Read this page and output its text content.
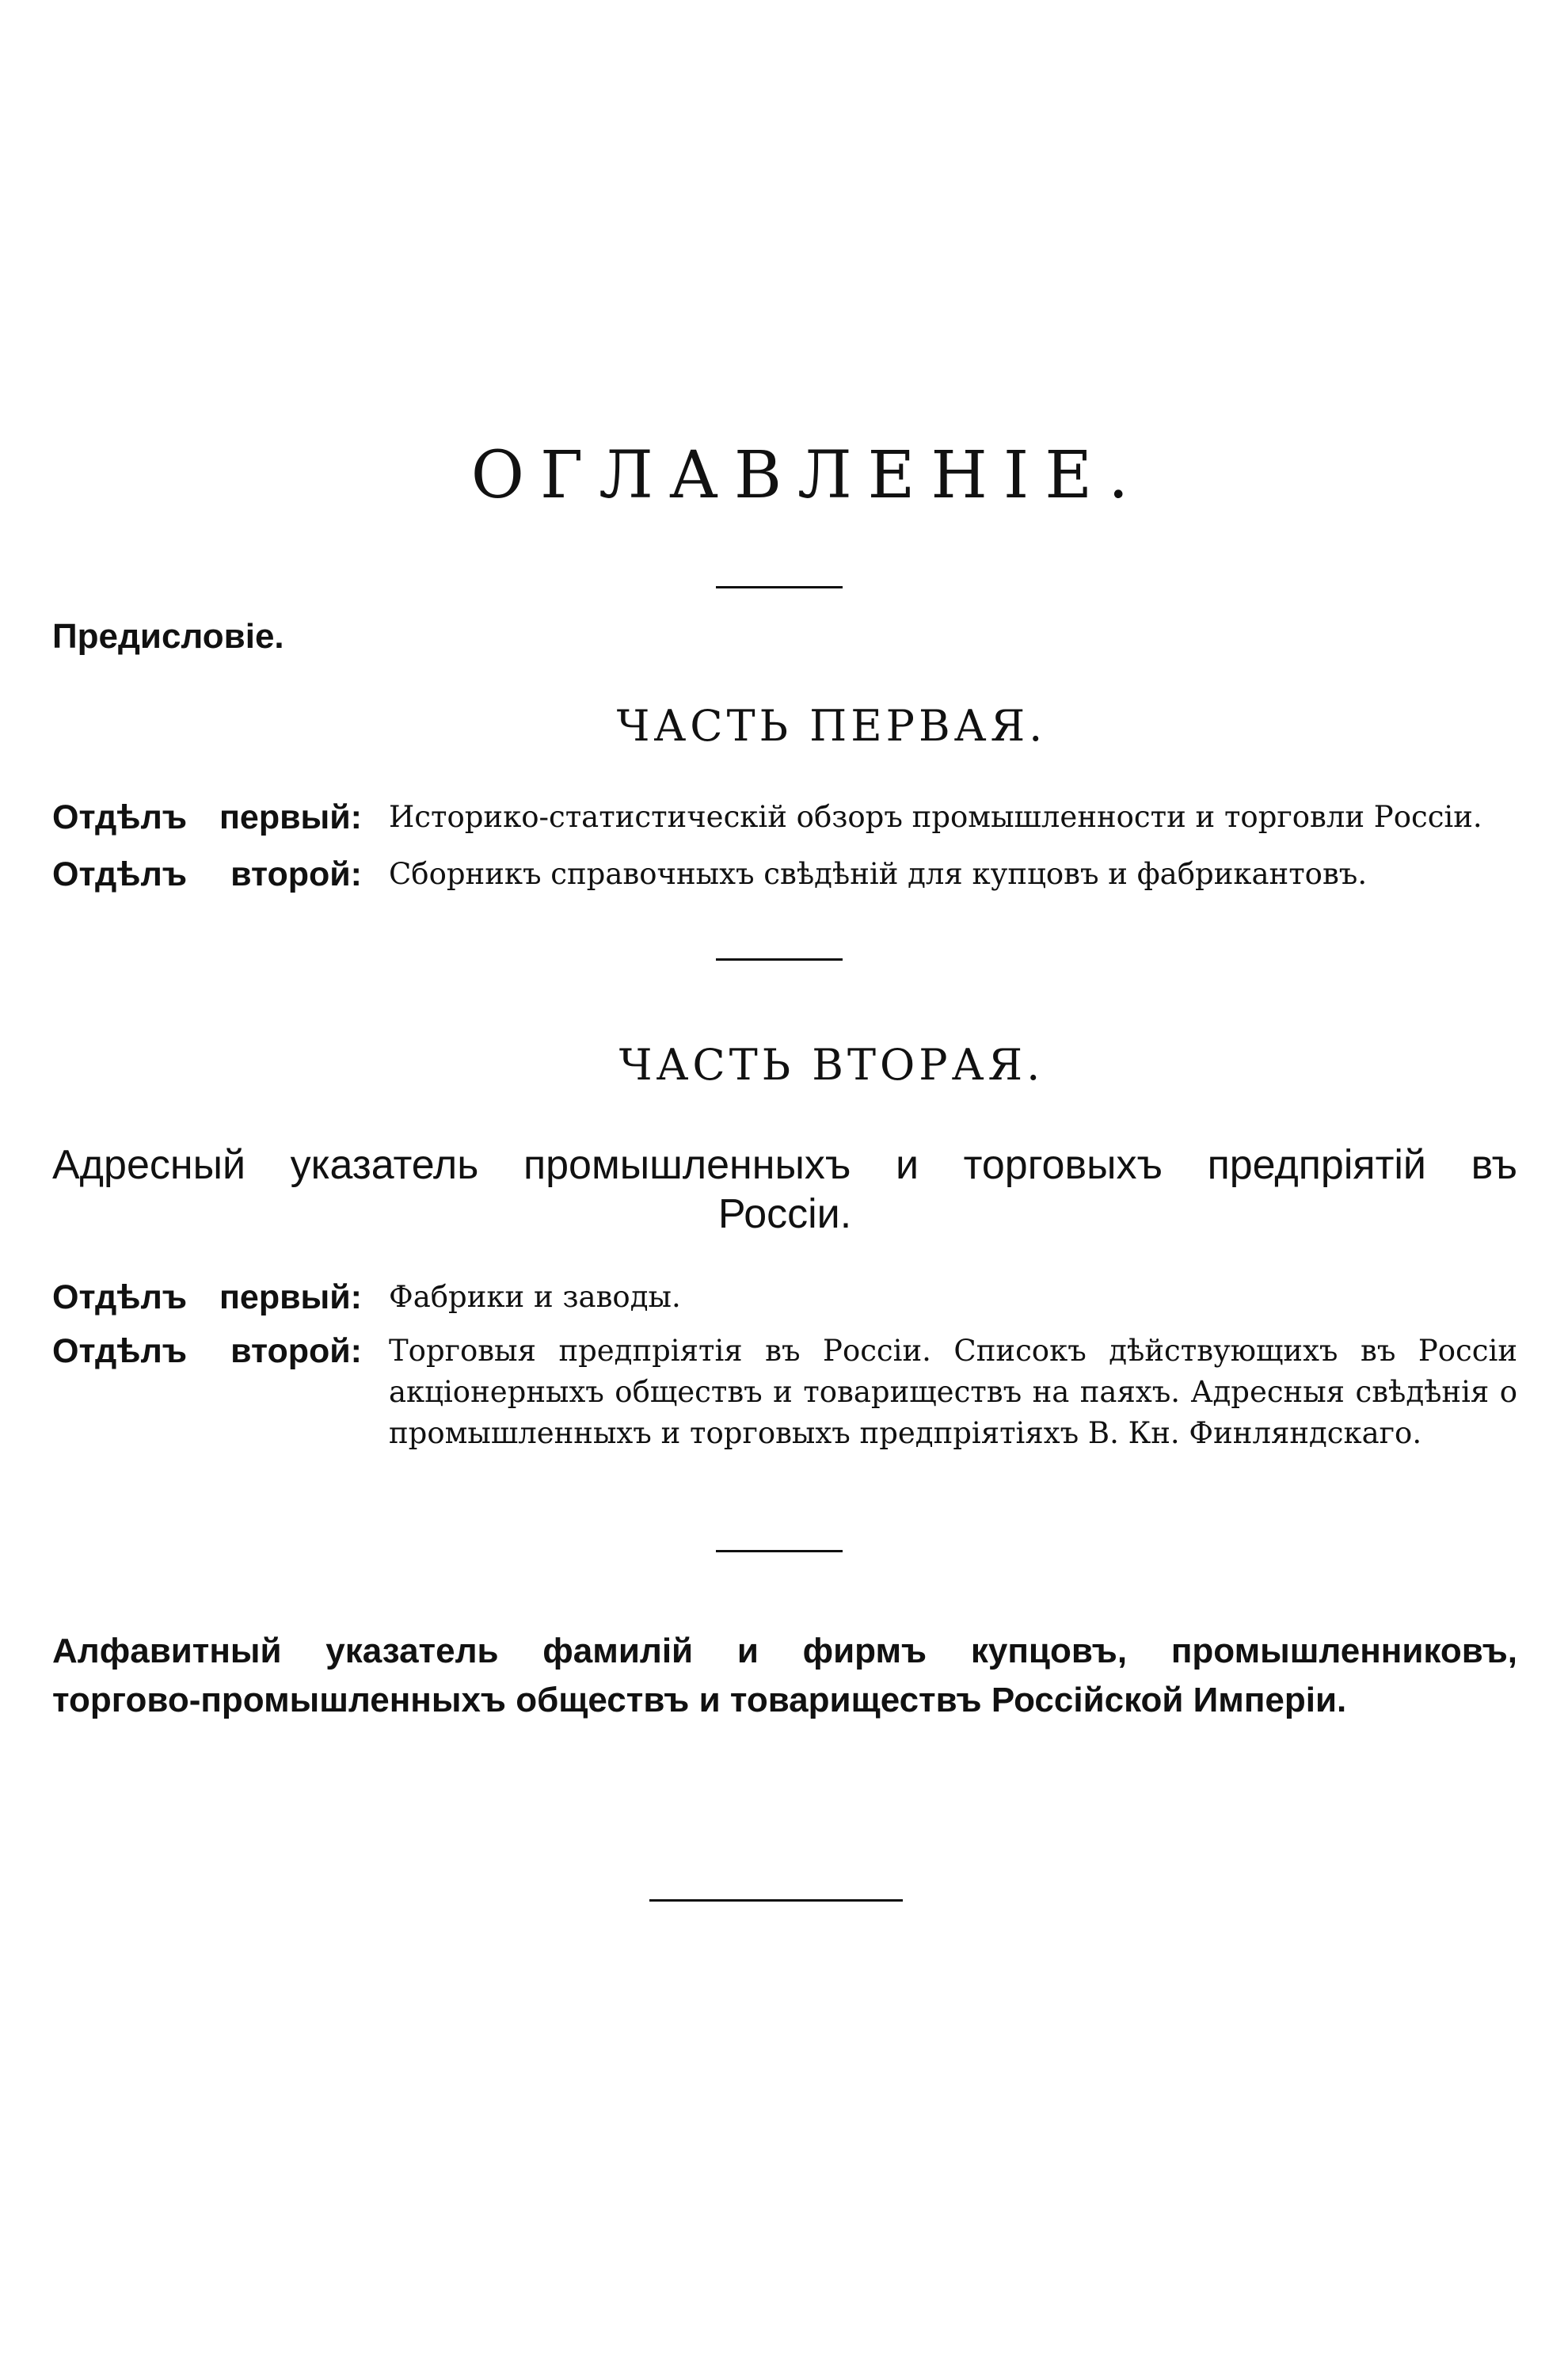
ОГЛАВЛЕНІЕ.
Предисловіе.
ЧАСТЬ ПЕРВАЯ.
Отдѣлъ первый: Историко-статистическій обзоръ промышленности и торговли Россіи.
Отдѣлъ второй: Сборникъ справочныхъ свѣдѣній для купцовъ и фабрикантовъ.
ЧАСТЬ ВТОРАЯ.
Адресный указатель промышленныхъ и торговыхъ предпріятій въ
Россіи.
Отдѣлъ первый: Фабрики и заводы.
Отдѣлъ второй: Торговыя предпріятія въ Россіи. Списокъ дѣйствующихъ въ Россіи акціонерныхъ обществъ и товариществъ на паяхъ. Адресныя свѣдѣнія о промышленныхъ и торговыхъ предпріятіяхъ В. Кн. Финляндскаго.
Алфавитный указатель фамилій и фирмъ купцовъ, промышленниковъ,
торгово-промышленныхъ обществъ и товариществъ Россійской Имперіи.
